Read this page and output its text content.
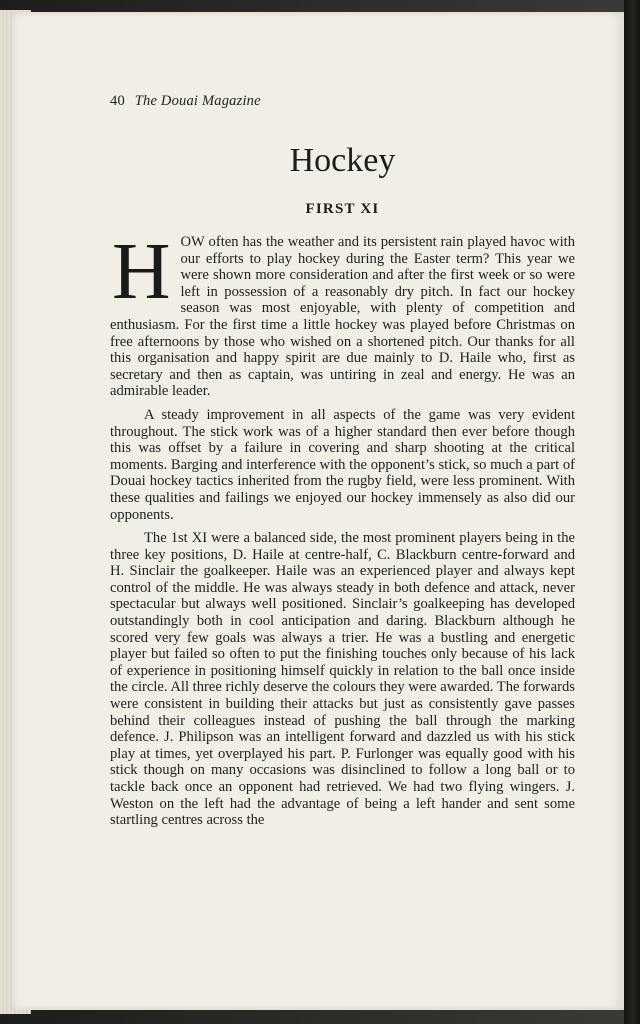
40 The Douai Magazine
Hockey
FIRST XI

HOW often has the weather and its persistent rain played havoc with our efforts to play hockey during the Easter term? This year we were shown more consideration and after the first week or so were left in possession of a reasonably dry pitch. In fact our hockey season was most enjoyable, with plenty of competition and enthusiasm. For the first time a little hockey was played before Christmas on free afternoons by those who wished on a shortened pitch. Our thanks for all this organisation and happy spirit are due mainly to D. Haile who, first as secretary and then as captain, was untiring in zeal and energy. He was an admirable leader.

A steady improvement in all aspects of the game was very evident throughout. The stick work was of a higher standard then ever before though this was offset by a failure in covering and sharp shooting at the critical moments. Barging and interference with the opponent’s stick, so much a part of Douai hockey tactics inherited from the rugby field, were less prominent. With these qualities and failings we enjoyed our hockey immensely as also did our opponents.

The 1st XI were a balanced side, the most prominent players being in the three key positions, D. Haile at centre-half, C. Blackburn centre-forward and H. Sinclair the goalkeeper. Haile was an experienced player and always kept control of the middle. He was always steady in both defence and attack, never spectacular but always well positioned. Sinclair’s goalkeeping has developed outstandingly both in cool anticipation and daring. Blackburn although he scored very few goals was always a trier. He was a bustling and energetic player but failed so often to put the finishing touches only because of his lack of experience in positioning himself quickly in relation to the ball once inside the circle. All three richly deserve the colours they were awarded. The forwards were consistent in building their attacks but just as consistently gave passes behind their colleagues instead of pushing the ball through the marking defence. J. Philipson was an intelligent forward and dazzled us with his stick play at times, yet overplayed his part. P. Furlonger was equally good with his stick though on many occasions was disinclined to follow a long ball or to tackle back once an opponent had retrieved. We had two flying wingers. J. Weston on the left had the advantage of being a left hander and sent some startling centres across the
